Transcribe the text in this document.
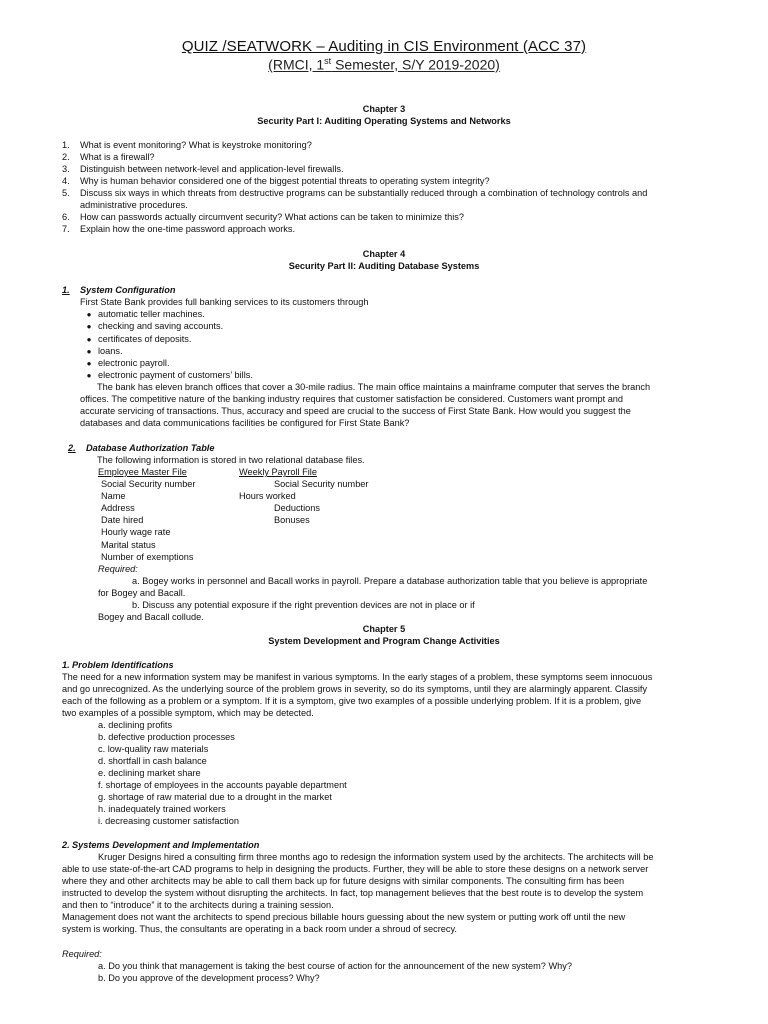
QUIZ /SEATWORK – Auditing in CIS Environment (ACC 37)
(RMCI, 1st Semester, S/Y 2019-2020)
Chapter 3
Security Part I: Auditing Operating Systems and Networks
1. What is event monitoring? What is keystroke monitoring?
2. What is a firewall?
3. Distinguish between network-level and application-level firewalls.
4. Why is human behavior considered one of the biggest potential threats to operating system integrity?
5. Discuss six ways in which threats from destructive programs can be substantially reduced through a combination of technology controls and
administrative procedures.
6. How can passwords actually circumvent security? What actions can be taken to minimize this?
7. Explain how the one-time password approach works.
Chapter 4
Security Part II: Auditing Database Systems
1. System Configuration
First State Bank provides full banking services to its customers through
● automatic teller machines.
● checking and saving accounts.
● certificates of deposits.
● loans.
● electronic payroll.
● electronic payment of customers’ bills.
The bank has eleven branch offices that cover a 30-mile radius. The main office maintains a mainframe computer that serves the branch
offices. The competitive nature of the banking industry requires that customer satisfaction be considered. Customers want prompt and
accurate servicing of transactions. Thus, accuracy and speed are crucial to the success of First State Bank. How would you suggest the
databases and data communications facilities be configured for First State Bank?
2. Database Authorization Table
The following information is stored in two relational database files.
Employee Master File	Weekly Payroll File
Social Security number
Name
Address
Date hired
Hourly wage rate
Marital status
Number of exemptions
Social Security number
Hours worked
Deductions
Bonuses
Required:
a. Bogey works in personnel and Bacall works in payroll. Prepare a database authorization table that you believe is appropriate
for Bogey and Bacall.
b. Discuss any potential exposure if the right prevention devices are not in place or if
Bogey and Bacall collude.
Chapter 5
System Development and Program Change Activities
1. Problem Identifications
The need for a new information system may be manifest in various symptoms. In the early stages of a problem, these symptoms seem innocuous
and go unrecognized. As the underlying source of the problem grows in severity, so do its symptoms, until they are alarmingly apparent. Classify
each of the following as a problem or a symptom. If it is a symptom, give two examples of a possible underlying problem. If it is a problem, give
two examples of a possible symptom, which may be detected.
a. declining profits
b. defective production processes
c. low-quality raw materials
d. shortfall in cash balance
e. declining market share
f. shortage of employees in the accounts payable department
g. shortage of raw material due to a drought in the market
h. inadequately trained workers
i. decreasing customer satisfaction
2. Systems Development and Implementation
Kruger Designs hired a consulting firm three months ago to redesign the information system used by the architects. The architects will be
able to use state-of-the-art CAD programs to help in designing the products. Further, they will be able to store these designs on a network server
where they and other architects may be able to call them back up for future designs with similar components. The consulting firm has been
instructed to develop the system without disrupting the architects. In fact, top management believes that the best route is to develop the system
and then to “introduce” it to the architects during a training session.
Management does not want the architects to spend precious billable hours guessing about the new system or putting work off until the new
system is working. Thus, the consultants are operating in a back room under a shroud of secrecy.
Required:
a. Do you think that management is taking the best course of action for the announcement of the new system? Why?
b. Do you approve of the development process? Why?
